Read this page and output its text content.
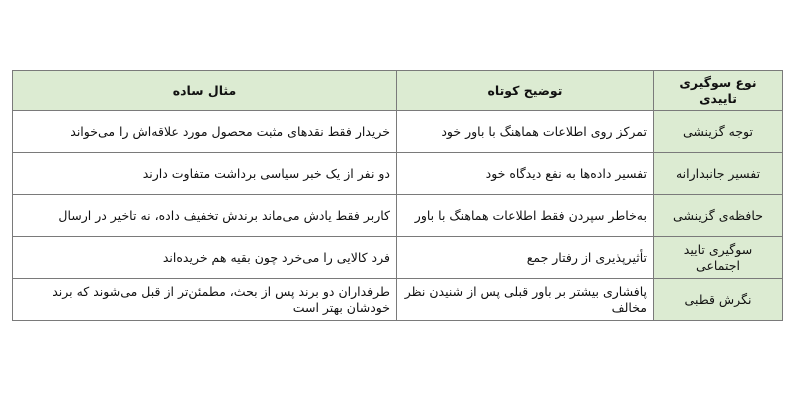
نوع سوگیری تاییدی	توضیح کوتاه	مثال ساده
توجه گزینشی	تمرکز روی اطلاعات هماهنگ با باور خود	خریدار فقط نقدهای مثبت محصول مورد علاقه‌اش را می‌خواند
تفسیر جانبدارانه	تفسیر داده‌ها به نفع دیدگاه خود	دو نفر از یک خبر سیاسی برداشت متفاوت دارند
حافظه‌ی گزینشی	به‌خاطر سپردن فقط اطلاعات هماهنگ با باور	کاربر فقط یادش می‌ماند برندش تخفیف داده، نه تاخیر در ارسال
سوگیری تایید اجتماعی	تأثیرپذیری از رفتار جمع	فرد کالایی را می‌خرد چون بقیه هم خریده‌اند
نگرش قطبی	پافشاری بیشتر بر باور قبلی پس از شنیدن نظر مخالف	طرفداران دو برند پس از بحث، مطمئن‌تر از قبل می‌شوند که برند خودشان بهتر است
